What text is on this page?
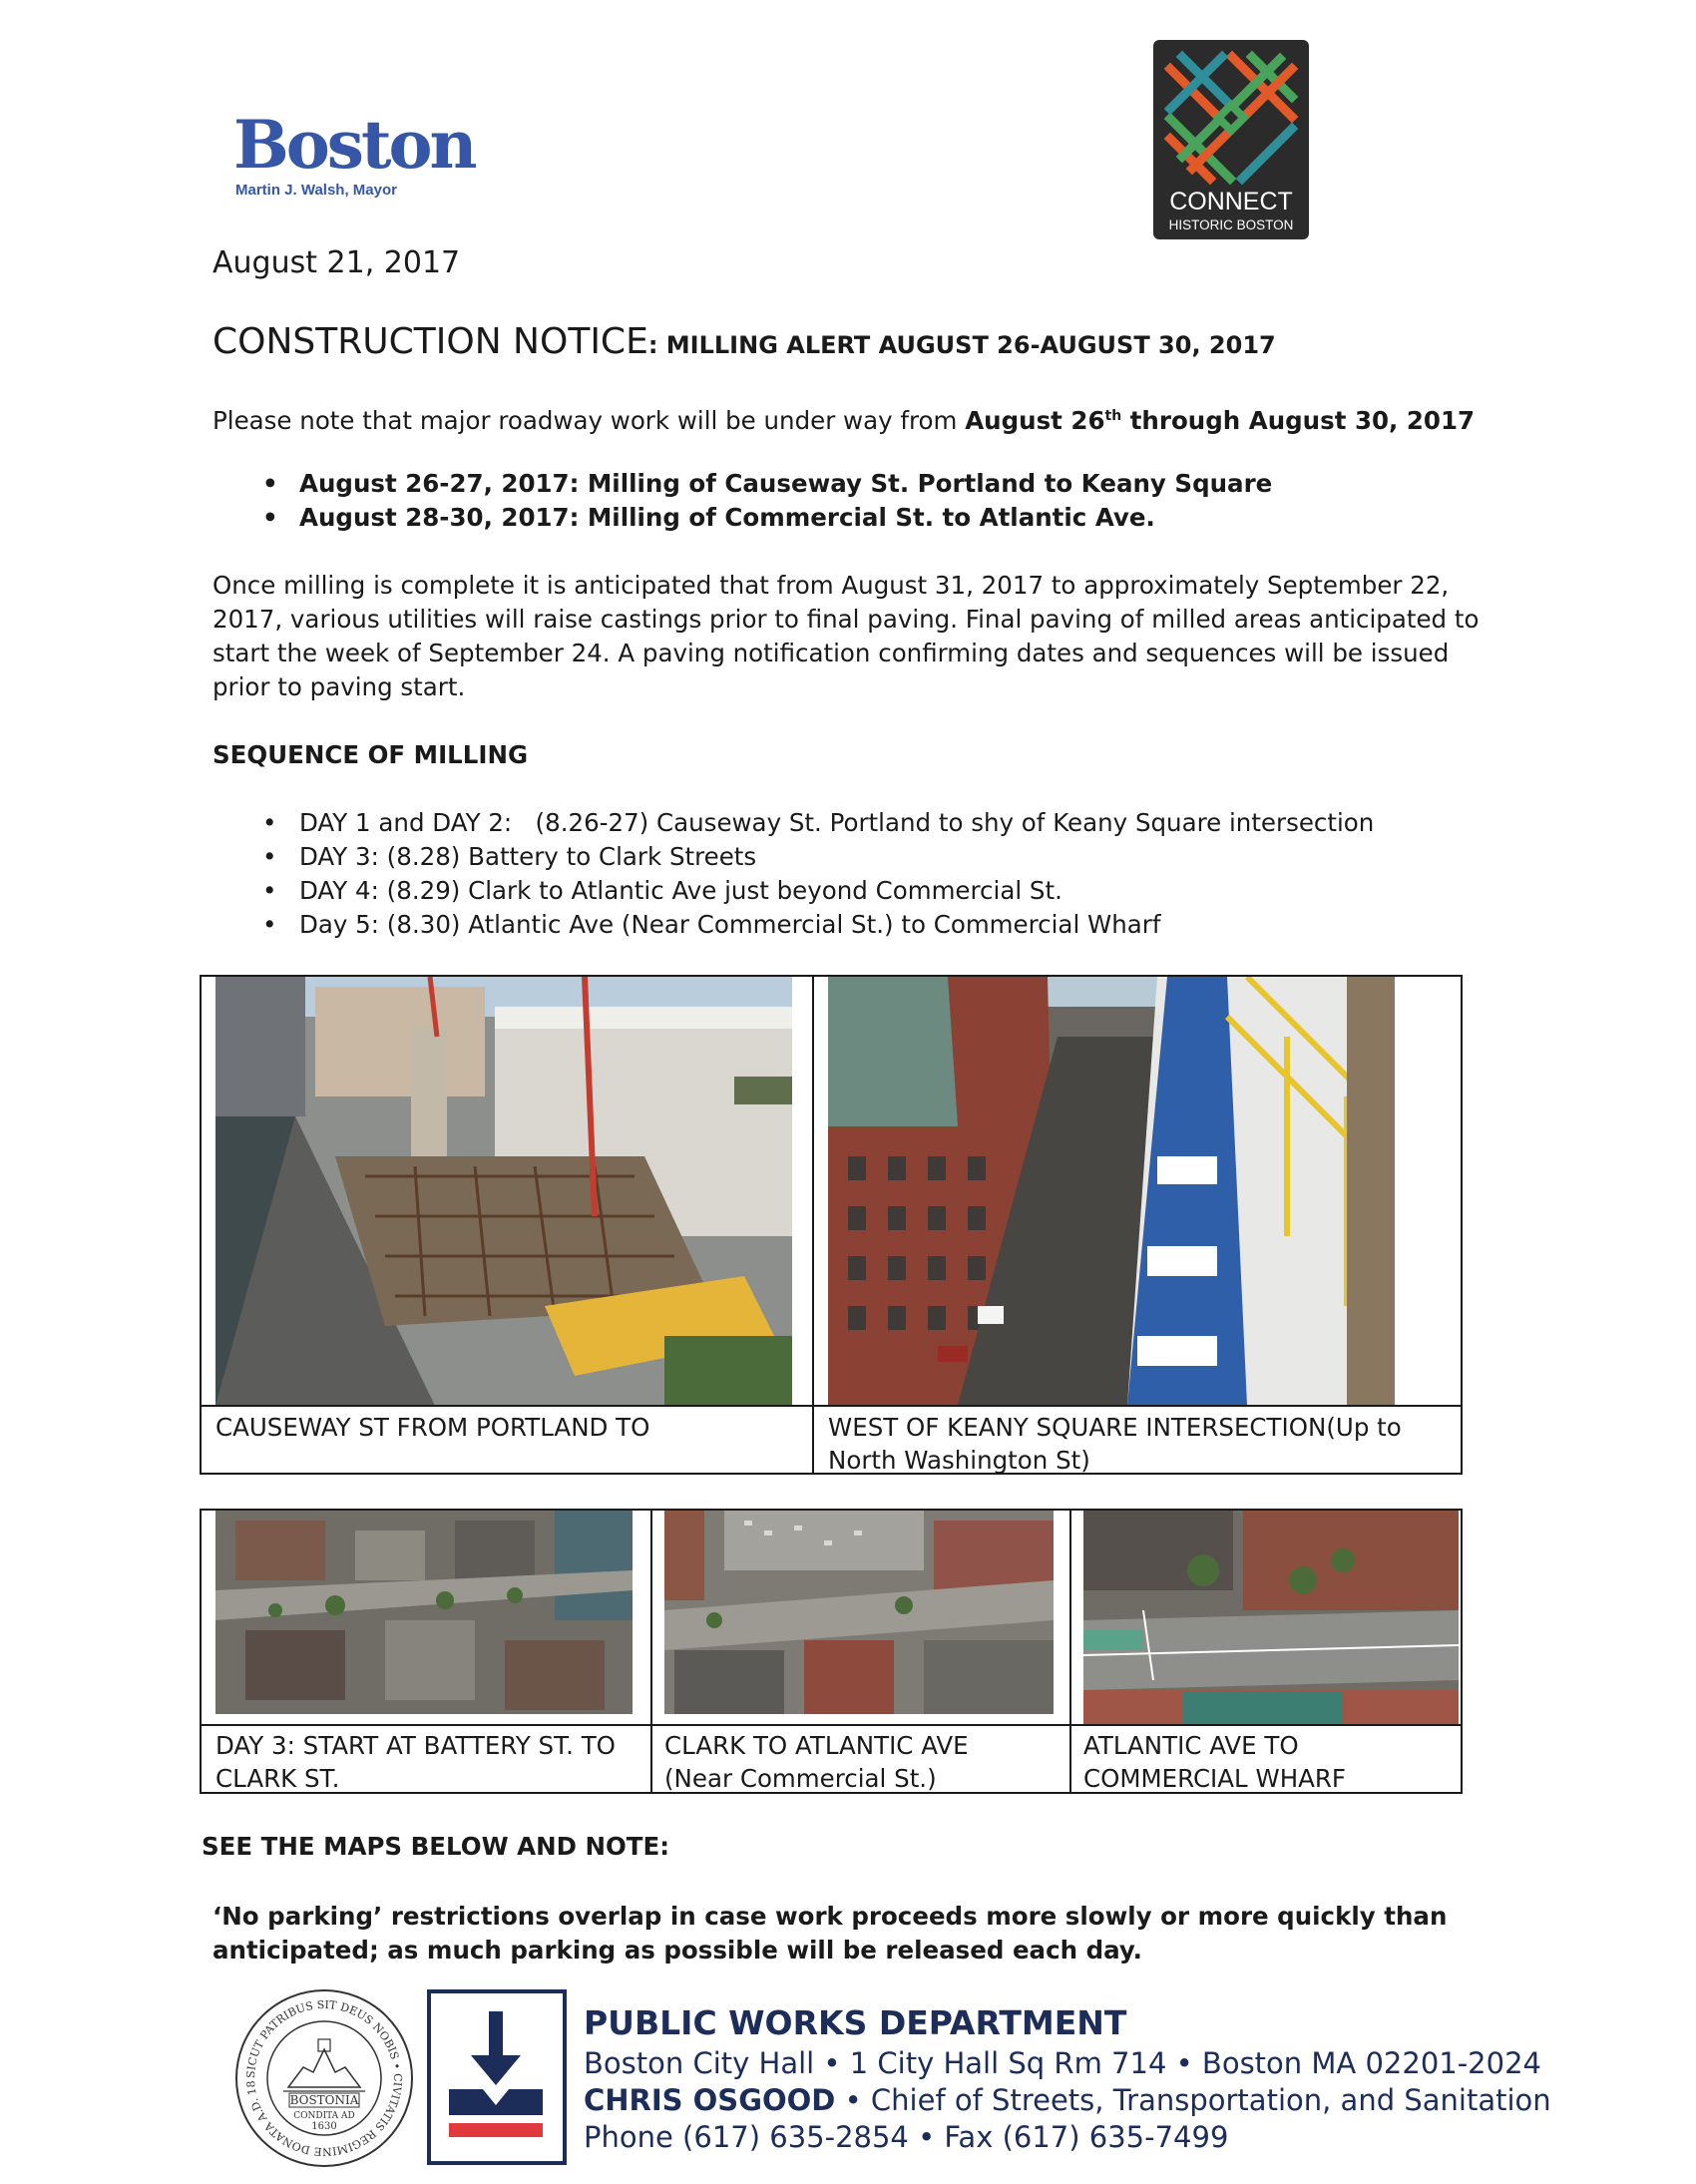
Boston
Martin J. Walsh, Mayor	CONNECT
HISTORIC BOSTON
August 21, 2017
CONSTRUCTION NOTICE: MILLING ALERT AUGUST 26-AUGUST 30, 2017
Please note that major roadway work will be under way from August 26th through August 30, 2017
• August 26-27, 2017: Milling of Causeway St. Portland to Keany Square
• August 28-30, 2017: Milling of Commercial St. to Atlantic Ave.
Once milling is complete it is anticipated that from August 31, 2017 to approximately September 22, 2017, various utilities will raise castings prior to final paving. Final paving of milled areas anticipated to start the week of September 24. A paving notification confirming dates and sequences will be issued prior to paving start.
SEQUENCE OF MILLING
• DAY 1 and DAY 2:   (8.26-27) Causeway St. Portland to shy of Keany Square intersection
• DAY 3: (8.28) Battery to Clark Streets
• DAY 4: (8.29) Clark to Atlantic Ave just beyond Commercial St.
• Day 5: (8.30) Atlantic Ave (Near Commercial St.) to Commercial Wharf
CAUSEWAY ST FROM PORTLAND TO	WEST OF KEANY SQUARE INTERSECTION(Up to North Washington St)
DAY 3: START AT BATTERY ST. TO
CLARK ST.
CLARK TO ATLANTIC AVE
(Near Commercial St.)
ATLANTIC AVE TO
COMMERCIAL WHARF
SEE THE MAPS BELOW AND NOTE:
‘No parking’ restrictions overlap in case work proceeds more slowly or more quickly than anticipated; as much parking as possible will be released each day.
SICUT PATRIBUS SIT DEUS NOBIS • CIVITATIS REGIMINE DONATA A.D. 18
BOSTONIA
CONDITA AD
1630
PUBLIC WORKS DEPARTMENT
Boston City Hall • 1 City Hall Sq Rm 714 • Boston MA 02201-2024
CHRIS OSGOOD • Chief of Streets, Transportation, and Sanitation
Phone (617) 635-2854 • Fax (617) 635-7499
